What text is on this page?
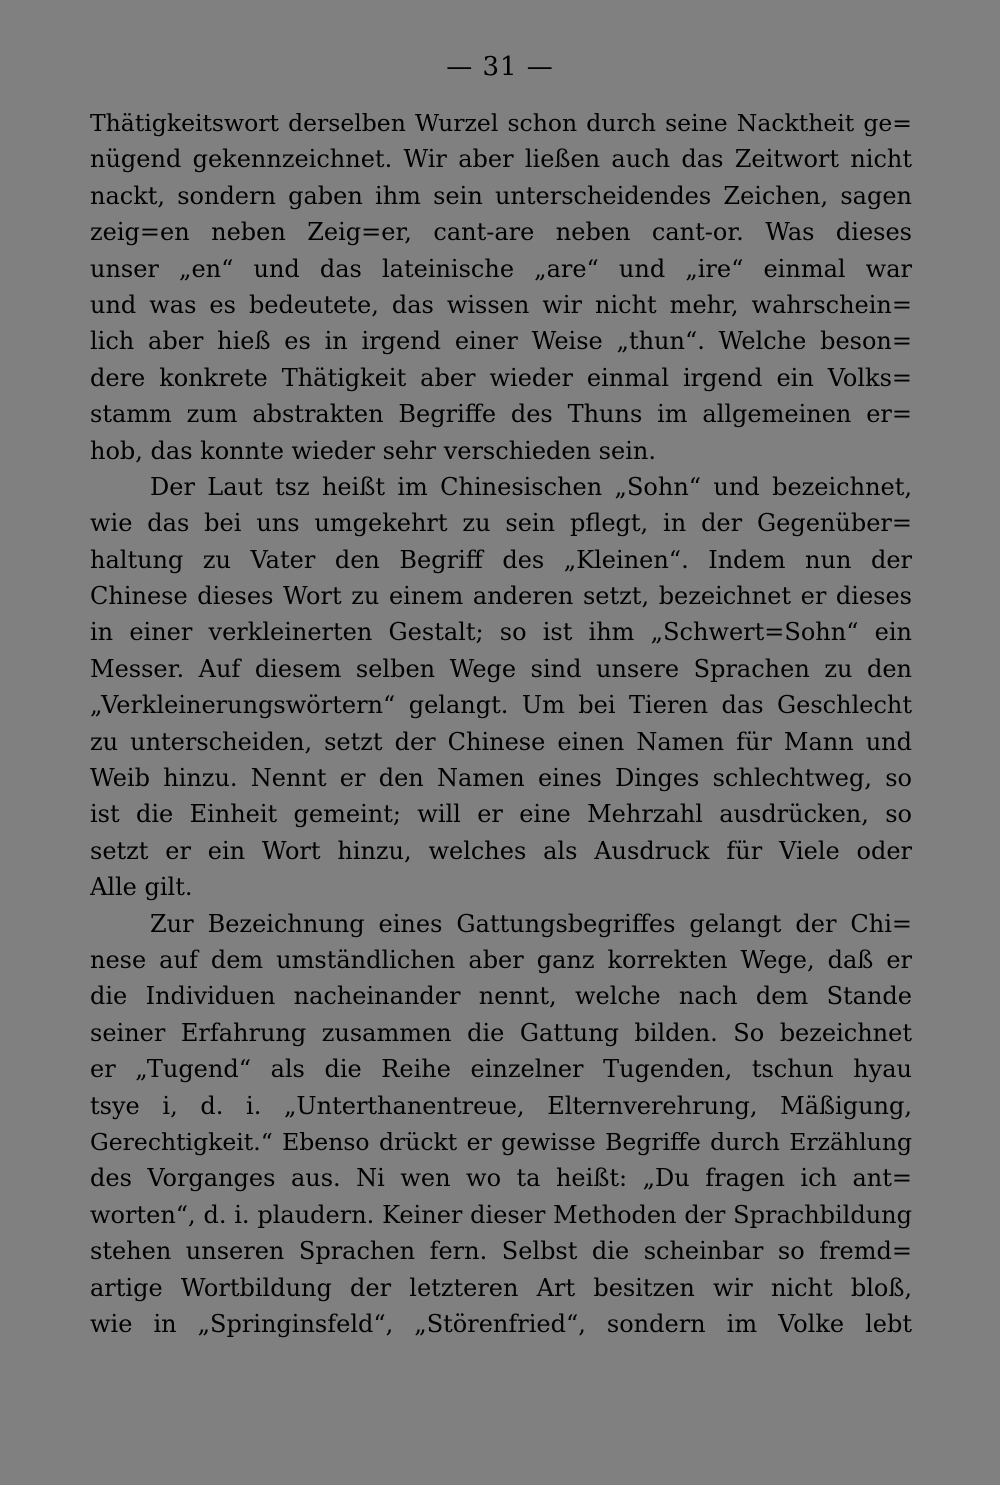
— 31 —
Thätigkeitswort derselben Wurzel schon durch seine Nacktheit ge=
nügend gekennzeichnet. Wir aber ließen auch das Zeitwort nicht
nackt, sondern gaben ihm sein unterscheidendes Zeichen, sagen
zeig=en neben Zeig=er, cant-are neben cant-or. Was dieses
unser „en“ und das lateinische „are“ und „ire“ einmal war
und was es bedeutete, das wissen wir nicht mehr, wahrschein=
lich aber hieß es in irgend einer Weise „thun“. Welche beson=
dere konkrete Thätigkeit aber wieder einmal irgend ein Volks=
stamm zum abstrakten Begriffe des Thuns im allgemeinen er=
hob, das konnte wieder sehr verschieden sein.
Der Laut tsz heißt im Chinesischen „Sohn“ und bezeichnet,
wie das bei uns umgekehrt zu sein pflegt, in der Gegenüber=
haltung zu Vater den Begriff des „Kleinen“. Indem nun der
Chinese dieses Wort zu einem anderen setzt, bezeichnet er dieses
in einer verkleinerten Gestalt; so ist ihm „Schwert=Sohn“ ein
Messer. Auf diesem selben Wege sind unsere Sprachen zu den
„Verkleinerungswörtern“ gelangt. Um bei Tieren das Geschlecht
zu unterscheiden, setzt der Chinese einen Namen für Mann und
Weib hinzu. Nennt er den Namen eines Dinges schlechtweg, so
ist die Einheit gemeint; will er eine Mehrzahl ausdrücken, so
setzt er ein Wort hinzu, welches als Ausdruck für Viele oder
Alle gilt.
Zur Bezeichnung eines Gattungsbegriffes gelangt der Chi=
nese auf dem umständlichen aber ganz korrekten Wege, daß er
die Individuen nacheinander nennt, welche nach dem Stande
seiner Erfahrung zusammen die Gattung bilden. So bezeichnet
er „Tugend“ als die Reihe einzelner Tugenden, tschun hyau
tsye i, d. i. „Unterthanentreue, Elternverehrung, Mäßigung,
Gerechtigkeit.“ Ebenso drückt er gewisse Begriffe durch Erzählung
des Vorganges aus. Ni wen wo ta heißt: „Du fragen ich ant=
worten“, d. i. plaudern. Keiner dieser Methoden der Sprachbildung
stehen unseren Sprachen fern. Selbst die scheinbar so fremd=
artige Wortbildung der letzteren Art besitzen wir nicht bloß,
wie in „Springinsfeld“, „Störenfried“, sondern im Volke lebt
